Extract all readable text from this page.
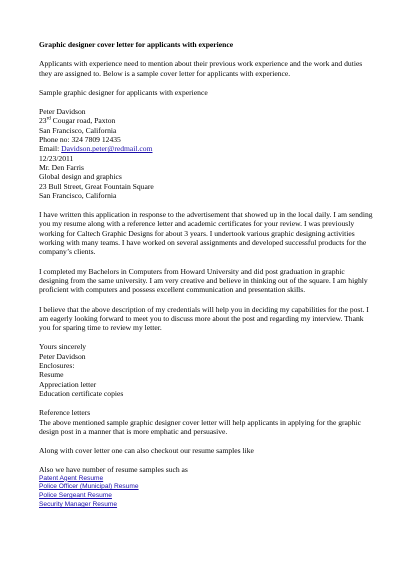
Graphic designer cover letter for applicants with experience

Applicants with experience need to mention about their previous work experience and the work and duties they are assigned to. Below is a sample cover letter for applicants with experience.

Sample graphic designer for applicants with experience

Peter Davidson

23rd Cougar road, Paxton

San Francisco, California

Phone no: 324 7809 12435

Email: Davidson.peter@redmail.com

12/23/2011

Mr. Den Farris

Global design and graphics

23 Bull Street, Great Fountain Square

San Francisco, California

I have written this application in response to the advertisement that showed up in the local daily. I am sending you my resume along with a reference letter and academic certificates for your review. I was previously working for Caltech Graphic Designs for about 3 years. I undertook various graphic designing activities working with many teams. I have worked on several assignments and developed successful products for the company’s clients.

I completed my Bachelors in Computers from Howard University and did post graduation in graphic designing from the same university. I am very creative and believe in thinking out of the square. I am highly proficient with computers and possess excellent communication and presentation skills.

I believe that the above description of my credentials will help you in deciding my capabilities for the post. I am eagerly looking forward to meet you to discuss more about the post and regarding my interview. Thank you for sparing time to review my letter.

Yours sincerely

Peter Davidson

Enclosures:

Resume

Appreciation letter

Education certificate copies

Reference letters

The above mentioned sample graphic designer cover letter will help applicants in applying for the graphic design post in a manner that is more emphatic and persuasive.

Along with cover letter one can also checkout our resume samples like

Also we have number of resume samples such as

Patent Agent Resume
Police Officer (Municipal) Resume
Police Sergeant Resume
Security Manager Resume
